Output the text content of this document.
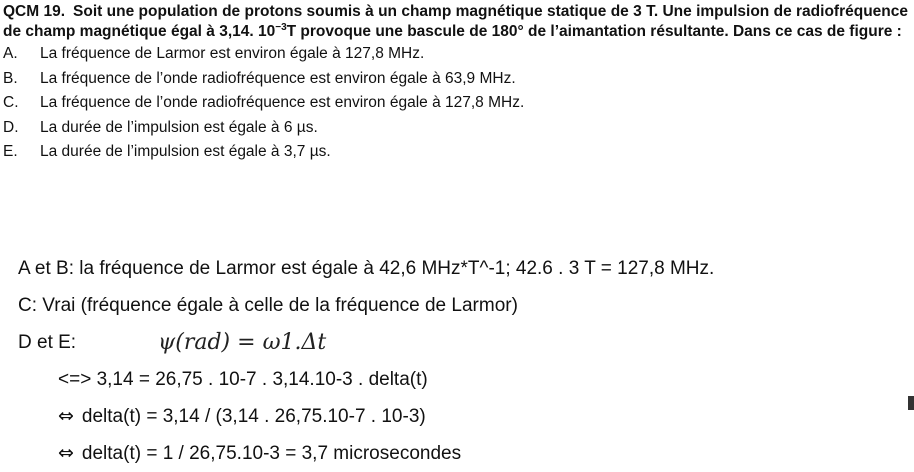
QCM 19. Soit une population de protons soumis à un champ magnétique statique de 3 T. Une impulsion de radiofréquence de champ magnétique égal à 3,14. $10^{-3}T$ provoque une bascule de 180° de l’aimantation résultante. Dans ce cas de figure :
A.	La fréquence de Larmor est environ égale à 127,8 MHz.
B.	La fréquence de l’onde radiofréquence est environ égale à 63,9 MHz.
C.	La fréquence de l’onde radiofréquence est environ égale à 127,8 MHz.
D.	La durée de l’impulsion est égale à 6 µs.
E.	La durée de l’impulsion est égale à 3,7 µs.
A et B: la fréquence de Larmor est égale à 42,6 MHz*T^-1; 42.6 . 3 T = 127,8 MHz.
C: Vrai (fréquence égale à celle de la fréquence de Larmor)
D et E:	ψ(rad) = ω1.Δt
<=> 3,14 = 26,75 . 10-7 . 3,14.10-3 . delta(t)
⇔ delta(t) = 3,14 / (3,14 . 26,75.10-7 . 10-3)
⇔ delta(t) = 1 / 26,75.10-3 = 3,7 microsecondes
